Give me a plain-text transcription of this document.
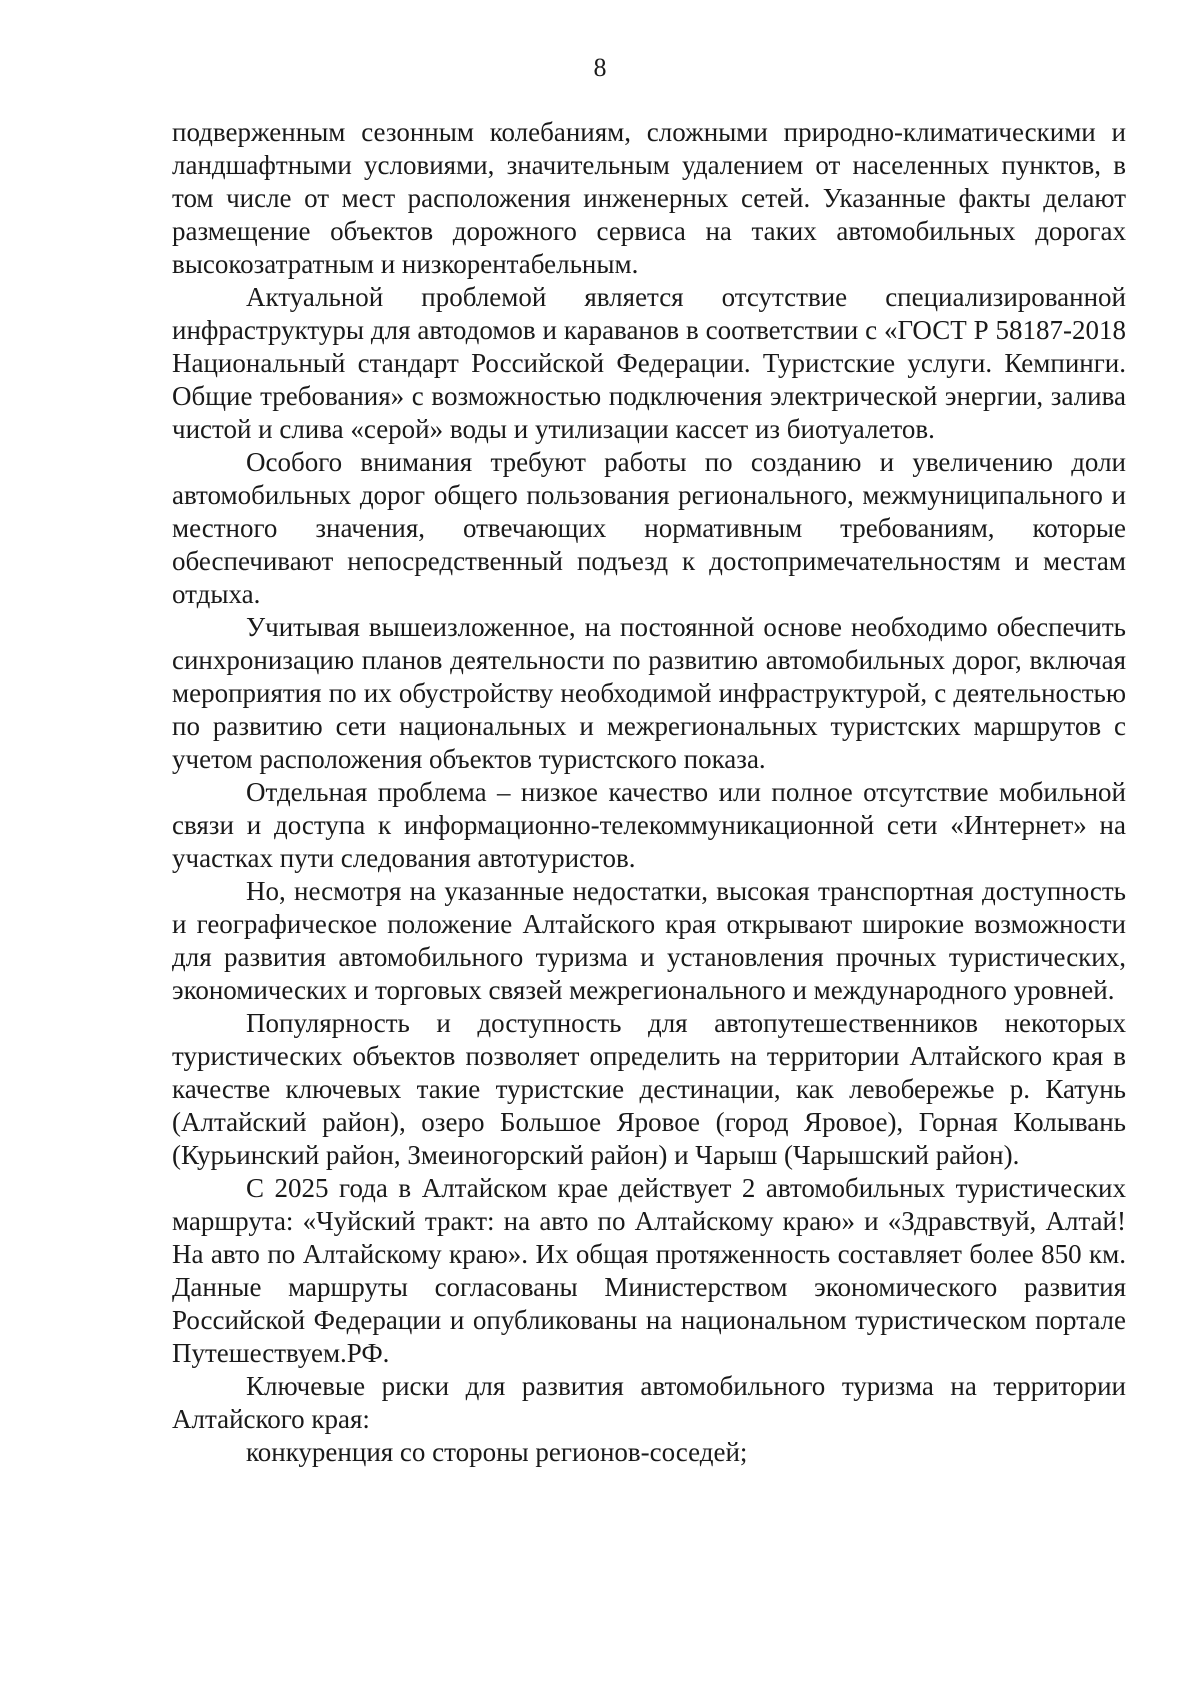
8

подверженным сезонным колебаниям, сложными природно-климатическими и ландшафтными условиями, значительным удалением от населенных пунктов, в том числе от мест расположения инженерных сетей. Указанные факты делают размещение объектов дорожного сервиса на таких автомобильных дорогах высокозатратным и низкорентабельным.

Актуальной проблемой является отсутствие специализированной инфраструктуры для автодомов и караванов в соответствии с «ГОСТ Р 58187-2018 Национальный стандарт Российской Федерации. Туристские услуги. Кемпинги. Общие требования» с возможностью подключения электрической энергии, залива чистой и слива «серой» воды и утилизации кассет из биотуалетов.

Особого внимания требуют работы по созданию и увеличению доли автомобильных дорог общего пользования регионального, межмуниципального и местного значения, отвечающих нормативным требованиям, которые обеспечивают непосредственный подъезд к достопримечательностям и местам отдыха.

Учитывая вышеизложенное, на постоянной основе необходимо обеспечить синхронизацию планов деятельности по развитию автомобильных дорог, включая мероприятия по их обустройству необходимой инфраструктурой, с деятельностью по развитию сети национальных и межрегиональных туристских маршрутов с учетом расположения объектов туристского показа.

Отдельная проблема – низкое качество или полное отсутствие мобильной связи и доступа к информационно-телекоммуникационной сети «Интернет» на участках пути следования автотуристов.

Но, несмотря на указанные недостатки, высокая транспортная доступность и географическое положение Алтайского края открывают широкие возможности для развития автомобильного туризма и установления прочных туристических, экономических и торговых связей межрегионального и международного уровней.

Популярность и доступность для автопутешественников некоторых туристических объектов позволяет определить на территории Алтайского края в качестве ключевых такие туристские дестинации, как левобережье р. Катунь (Алтайский район), озеро Большое Яровое (город Яровое), Горная Колывань (Курьинский район, Змеиногорский район) и Чарыш (Чарышский район).

С 2025 года в Алтайском крае действует 2 автомобильных туристических маршрута: «Чуйский тракт: на авто по Алтайскому краю» и «Здравствуй, Алтай! На авто по Алтайскому краю». Их общая протяженность составляет более 850 км. Данные маршруты согласованы Министерством экономического развития Российской Федерации и опубликованы на национальном туристическом портале Путешествуем.РФ.

Ключевые риски для развития автомобильного туризма на территории Алтайского края:

конкуренция со стороны регионов-соседей;
